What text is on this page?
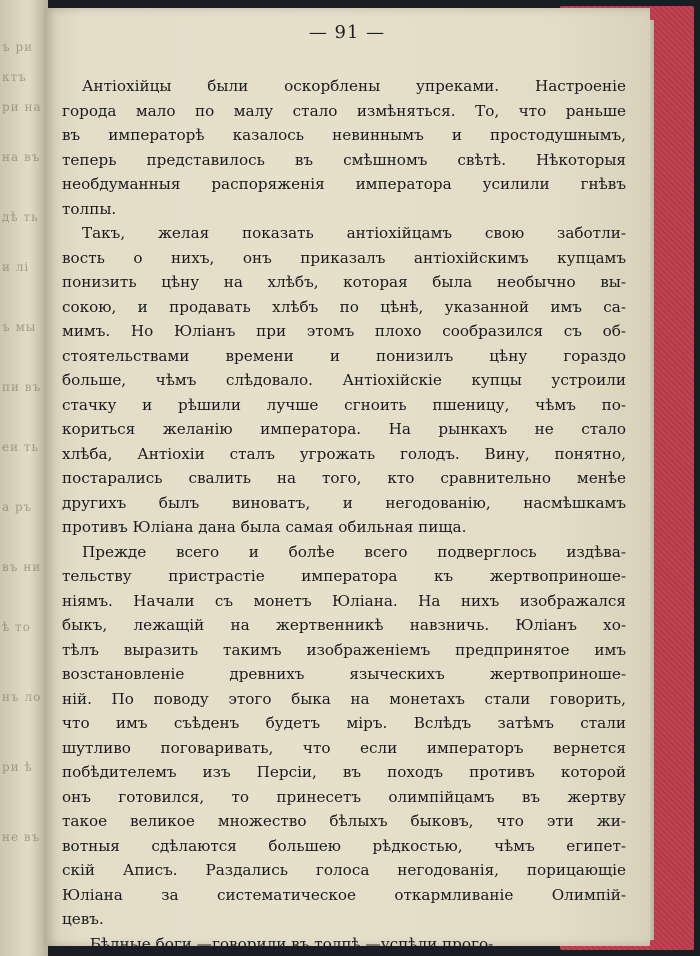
ъ ри
ктъ
ри на
на въ
дѣ ть
и лі
ъ мы
пи въ
еи ть
а ръ
въ ни
ѣ то
нъ ло
ри ѣ
не въ
— 91 —
Антіохійцы были оскорблены упреками. Настроеніе
города мало по малу стало измѣняться. То, что раньше
въ императорѣ казалось невиннымъ и простодушнымъ,
теперь представилось въ смѣшномъ свѣтѣ. Нѣкоторыя
необдуманныя распоряженія императора усилили гнѣвъ
толпы.
Такъ, желая показать антіохійцамъ свою заботли-
вость о нихъ, онъ приказалъ антіохійскимъ купцамъ
понизить цѣну на хлѣбъ, которая была необычно вы-
сокою, и продавать хлѣбъ по цѣнѣ, указанной имъ са-
мимъ. Но Юліанъ при этомъ плохо сообразился съ об-
стоятельствами времени и понизилъ цѣну гораздо
больше, чѣмъ слѣдовало. Антіохійскіе купцы устроили
стачку и рѣшили лучше сгноить пшеницу, чѣмъ по-
кориться желанію императора. На рынкахъ не стало
хлѣба, Антіохіи сталъ угрожать голодъ. Вину, понятно,
постарались свалить на того, кто сравнительно менѣе
другихъ былъ виноватъ, и негодованію, насмѣшкамъ
противъ Юліана дана была самая обильная пища.
Прежде всего и болѣе всего подверглось издѣва-
тельству пристрастіе императора къ жертвоприноше-
ніямъ. Начали съ монетъ Юліана. На нихъ изображался
быкъ, лежащій на жертвенникѣ навзничь. Юліанъ хо-
тѣлъ выразить такимъ изображеніемъ предпринятое имъ
возстановленіе древнихъ языческихъ жертвоприноше-
ній. По поводу этого быка на монетахъ стали говорить,
что имъ съѣденъ будетъ міръ. Вслѣдъ затѣмъ стали
шутливо поговаривать, что если императоръ вернется
побѣдителемъ изъ Персіи, въ походъ противъ которой
онъ готовился, то принесетъ олимпійцамъ въ жертву
такое великое множество бѣлыхъ быковъ, что эти жи-
вотныя сдѣлаются большею рѣдкостью, чѣмъ египет-
скій Аписъ. Раздались голоса негодованія, порицающіе
Юліана за систематическое откармливаніе Олимпій-
цевъ.
„Бѣдные боги,—говорили въ толпѣ,—успѣли прого-
